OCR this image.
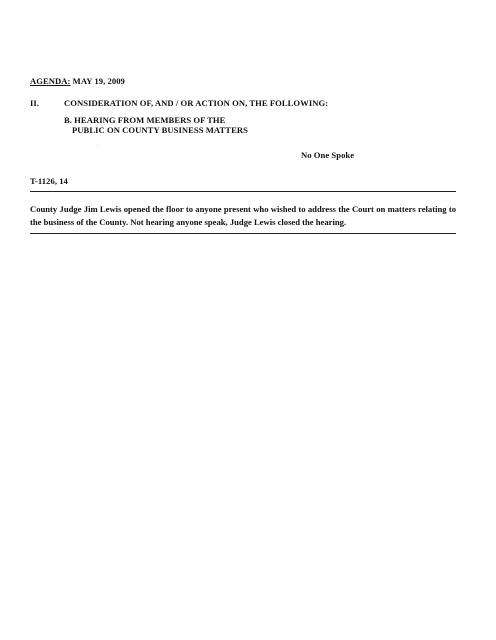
AGENDA: MAY 19, 2009
II.	CONSIDERATION OF, AND / OR ACTION ON, THE FOLLOWING:
B. HEARING FROM MEMBERS OF THE
PUBLIC ON COUNTY BUSINESS MATTERS
No One Spoke
T-1126, 14
County Judge Jim Lewis opened the floor to anyone present who wished to address the Court on matters relating to the business of the County. Not hearing anyone speak, Judge Lewis closed the hearing.
